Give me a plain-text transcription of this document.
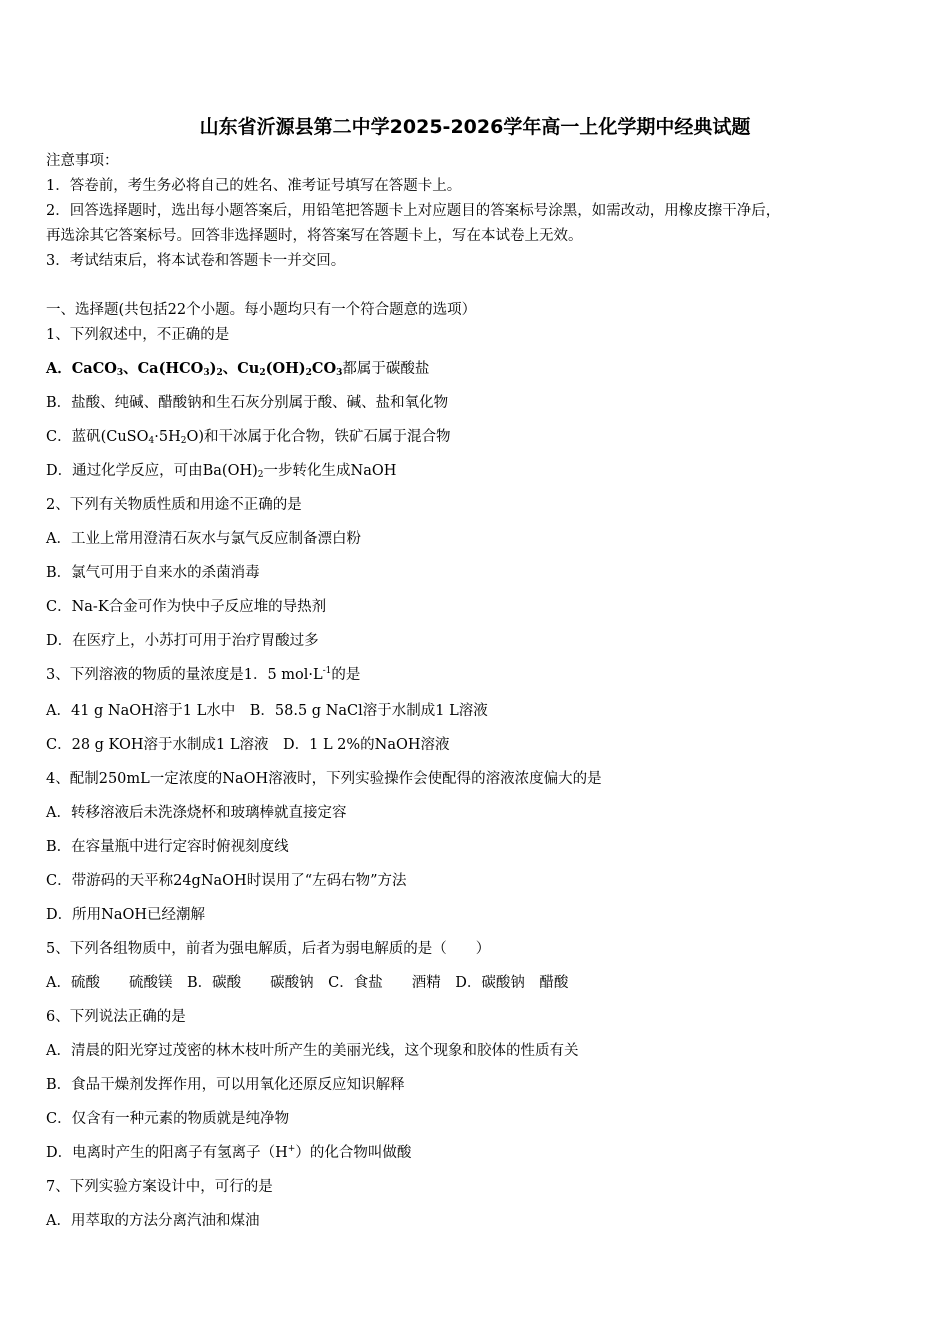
山东省沂源县第二中学2025-2026学年高一上化学期中经典试题
注意事项：
1．答卷前，考生务必将自己的姓名、准考证号填写在答题卡上。
2．回答选择题时，选出每小题答案后，用铅笔把答题卡上对应题目的答案标号涂黑，如需改动，用橡皮擦干净后，
再选涂其它答案标号。回答非选择题时，将答案写在答题卡上，写在本试卷上无效。
3．考试结束后，将本试卷和答题卡一并交回。
一、选择题(共包括22个小题。每小题均只有一个符合题意的选项）
1、下列叙述中，不正确的是
A．CaCO$_3$、$Ca(HCO_3)_2$、$Cu_2(OH)_2CO_3$都属于碳酸盐
B．盐酸、纯碱、醋酸钠和生石灰分别属于酸、碱、盐和氧化物
C．蓝矾$(CuSO_4\cdot 5H_2O)$和干冰属于化合物，铁矿石属于混合物
D．通过化学反应，可由$Ba(OH)_2$一步转化生成NaOH
2、下列有关物质性质和用途不正确的是
A．工业上常用澄清石灰水与氯气反应制备漂白粉
B．氯气可用于自来水的杀菌消毒
C．Na-K合金可作为快中子反应堆的导热剂
D．在医疗上，小苏打可用于治疗胃酸过多
3、下列溶液的物质的量浓度是1．5 $mol\cdot L^{-1}$的是
A．41 g NaOH溶于1 L水中　B．58.5 g NaCl溶于水制成1 L溶液
C．28 g KOH溶于水制成1 L溶液　D．1 L 2%的NaOH溶液
4、配制250mL一定浓度的NaOH溶液时，下列实验操作会使配得的溶液浓度偏大的是
A．转移溶液后未洗涤烧杯和玻璃棒就直接定容
B．在容量瓶中进行定容时俯视刻度线
C．带游码的天平称24gNaOH时误用了“左码右物”方法
D．所用NaOH已经潮解
5、下列各组物质中，前者为强电解质，后者为弱电解质的是（　　）
A．硫酸　　硫酸镁　B．碳酸　　碳酸钠　C．食盐　　酒精　D．碳酸钠　醋酸
6、下列说法正确的是
A．清晨的阳光穿过茂密的林木枝叶所产生的美丽光线，这个现象和胶体的性质有关
B．食品干燥剂发挥作用，可以用氧化还原反应知识解释
C．仅含有一种元素的物质就是纯净物
D．电离时产生的阳离子有氢离子（H+）的化合物叫做酸
7、下列实验方案设计中，可行的是
A．用萃取的方法分离汽油和煤油
